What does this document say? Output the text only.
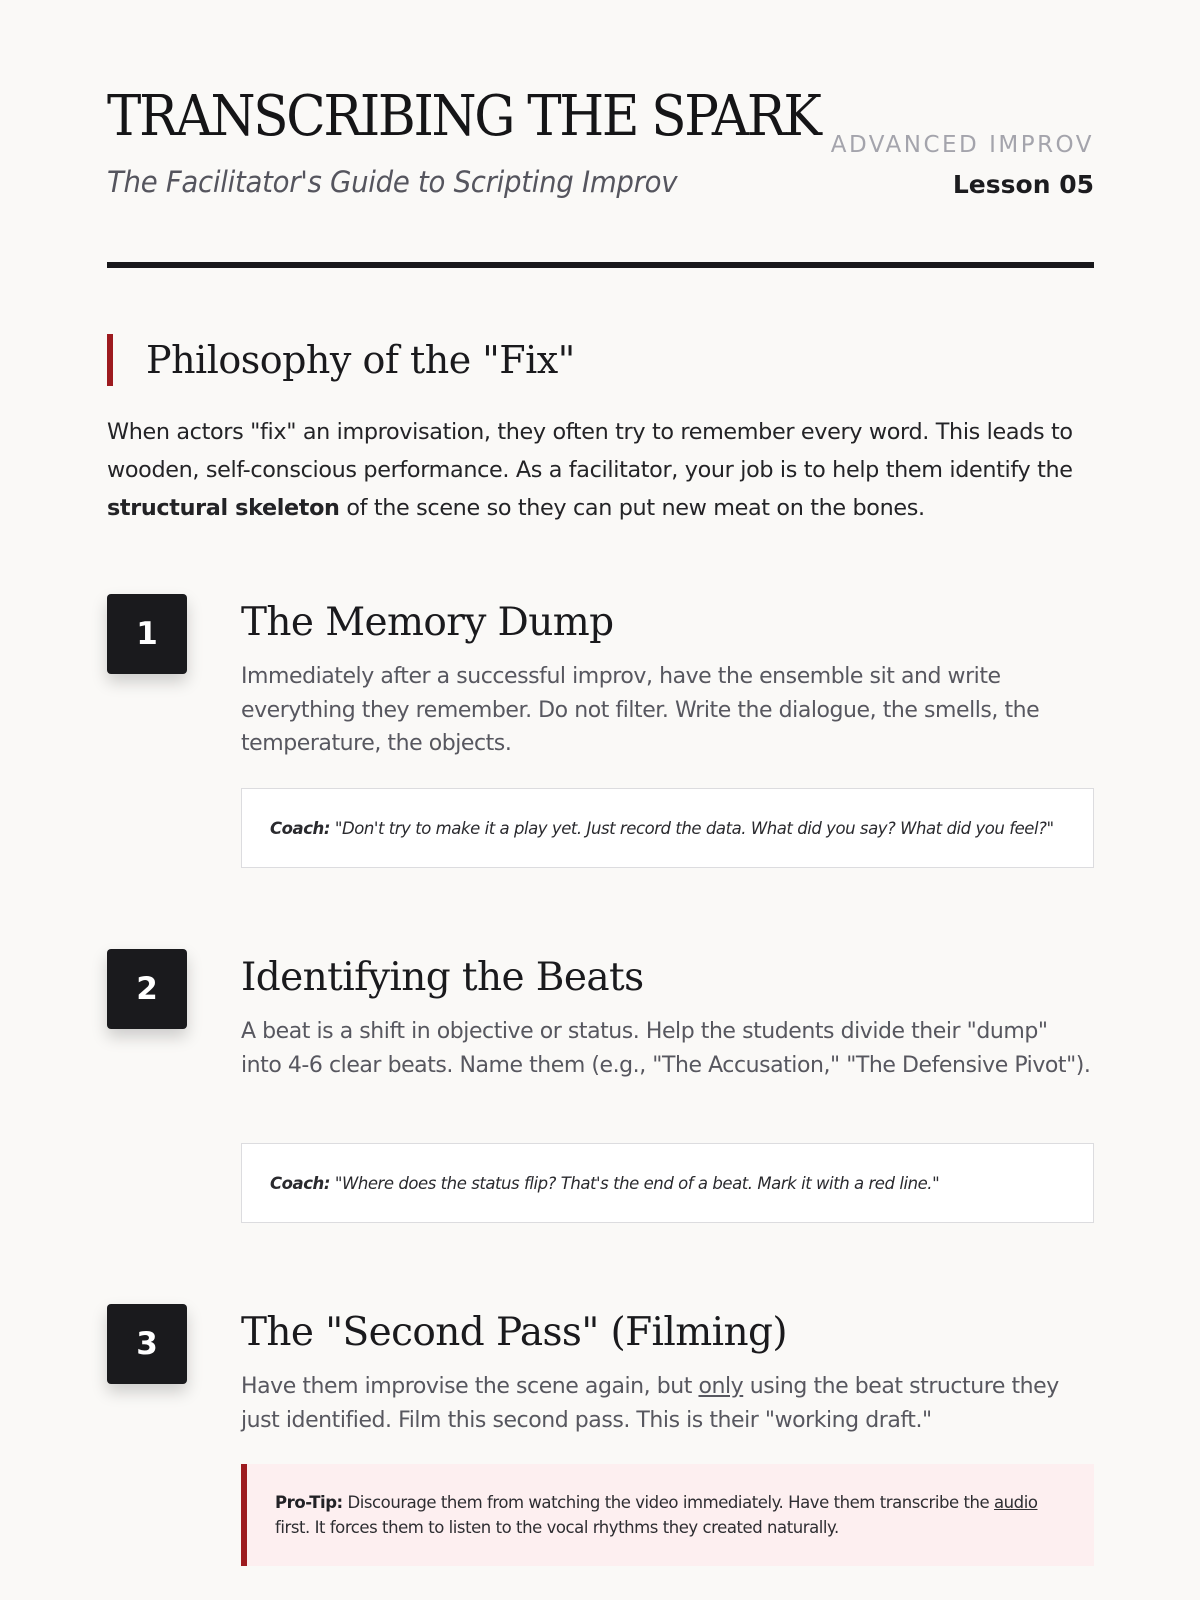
TRANSCRIBING THE SPARK
The Facilitator's Guide to Scripting Improv
ADVANCED IMPROV
Lesson 05
Philosophy of the "Fix"
When actors "fix" an improvisation, they often try to remember every word. This leads to wooden, self-conscious performance. As a facilitator, your job is to help them identify the structural skeleton of the scene so they can put new meat on the bones.
1	The Memory Dump
Immediately after a successful improv, have the ensemble sit and write everything they remember. Do not filter. Write the dialogue, the smells, the temperature, the objects.
Coach: "Don't try to make it a play yet. Just record the data. What did you say? What did you feel?"
2	Identifying the Beats
A beat is a shift in objective or status. Help the students divide their "dump" into 4-6 clear beats. Name them (e.g., "The Accusation," "The Defensive Pivot").
Coach: "Where does the status flip? That's the end of a beat. Mark it with a red line."
3	The "Second Pass" (Filming)
Have them improvise the scene again, but only using the beat structure they just identified. Film this second pass. This is their "working draft."
Pro-Tip: Discourage them from watching the video immediately. Have them transcribe the audio first. It forces them to listen to the vocal rhythms they created naturally.
